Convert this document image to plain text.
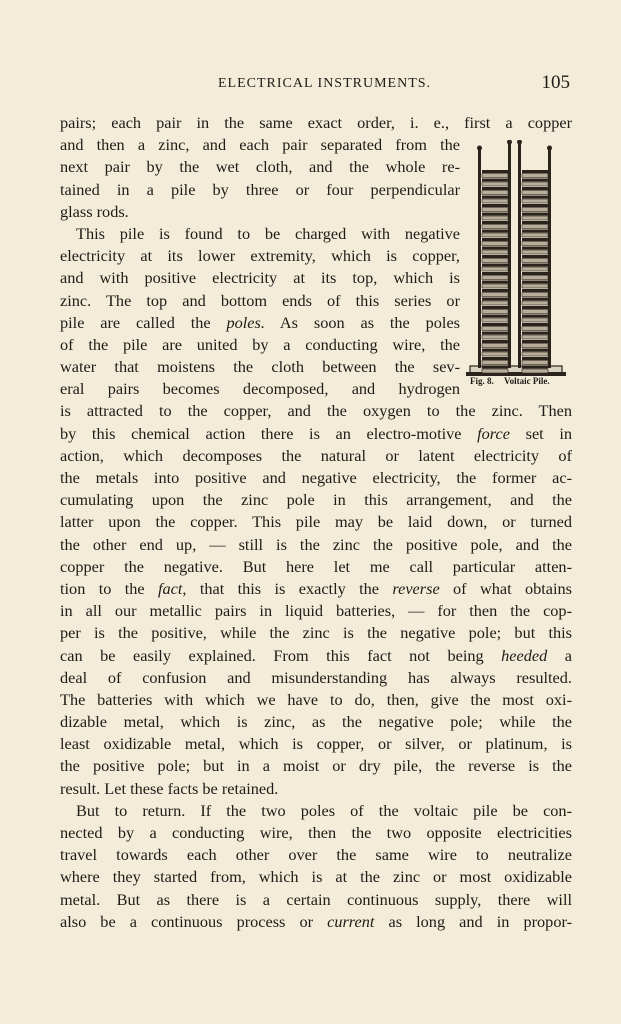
ELECTRICAL INSTRUMENTS.	105
Fig. 8. Voltaic Pile.
pairs; each pair in the same exact order, i. e., first a copper
and then a zinc, and each pair separated from the
next pair by the wet cloth, and the whole re-
tained in a pile by three or four perpendicular
glass rods.
This pile is found to be charged with negative
electricity at its lower extremity, which is copper,
and with positive electricity at its top, which is
zinc. The top and bottom ends of this series or
pile are called the poles. As soon as the poles
of the pile are united by a conducting wire, the
water that moistens the cloth between the sev-
eral pairs becomes decomposed, and hydrogen
is attracted to the copper, and the oxygen to the zinc. Then
by this chemical action there is an electro-motive force set in
action, which decomposes the natural or latent electricity of
the metals into positive and negative electricity, the former ac-
cumulating upon the zinc pole in this arrangement, and the
latter upon the copper. This pile may be laid down, or turned
the other end up, — still is the zinc the positive pole, and the
copper the negative. But here let me call particular atten-
tion to the fact, that this is exactly the reverse of what obtains
in all our metallic pairs in liquid batteries, — for then the cop-
per is the positive, while the zinc is the negative pole; but this
can be easily explained. From this fact not being heeded a
deal of confusion and misunderstanding has always resulted.
The batteries with which we have to do, then, give the most oxi-
dizable metal, which is zinc, as the negative pole; while the
least oxidizable metal, which is copper, or silver, or platinum, is
the positive pole; but in a moist or dry pile, the reverse is the
result. Let these facts be retained.
But to return. If the two poles of the voltaic pile be con-
nected by a conducting wire, then the two opposite electricities
travel towards each other over the same wire to neutralize
where they started from, which is at the zinc or most oxidizable
metal. But as there is a certain continuous supply, there will
also be a continuous process or current as long and in propor-
